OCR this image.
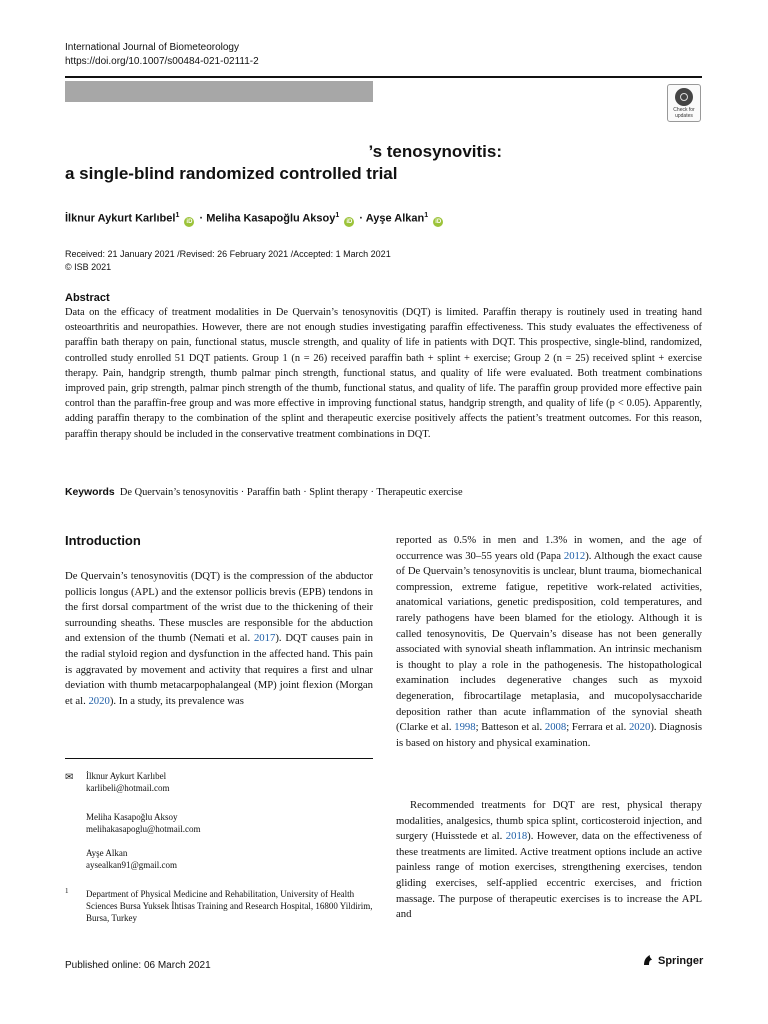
International Journal of Biometeorology
https://doi.org/10.1007/s00484-021-02111-2
Check for updates
’s tenosynovitis:
a single-blind randomized controlled trial
İlknur Aykurt Karlıbel$^1$ iD · Meliha Kasapoğlu Aksoy$^1$ iD · Ayşe Alkan$^1$ iD
Received: 21 January 2021 /Revised: 26 February 2021 /Accepted: 1 March 2021
© ISB 2021
Abstract
Data on the efficacy of treatment modalities in De Quervain’s tenosynovitis (DQT) is limited. Paraffin therapy is routinely used in treating hand osteoarthritis and neuropathies. However, there are not enough studies investigating paraffin effectiveness. This study evaluates the effectiveness of paraffin bath therapy on pain, functional status, muscle strength, and quality of life in patients with DQT. This prospective, single-blind, randomized, controlled study enrolled 51 DQT patients. Group 1 (n = 26) received paraffin bath + splint + exercise; Group 2 (n = 25) received splint + exercise therapy. Pain, handgrip strength, thumb palmar pinch strength, functional status, and quality of life were evaluated. Both treatment combinations improved pain, grip strength, palmar pinch strength of the thumb, functional status, and quality of life. The paraffin group provided more effective pain control than the paraffin-free group and was more effective in improving functional status, handgrip strength, and quality of life (p < 0.05). Apparently, adding paraffin therapy to the combination of the splint and therapeutic exercise positively affects the patient’s treatment outcomes. For this reason, paraffin therapy should be included in the conservative treatment combinations in DQT.
Keywords De Quervain’s tenosynovitis · Paraffin bath · Splint therapy · Therapeutic exercise
Introduction
De Quervain’s tenosynovitis (DQT) is the compression of the abductor pollicis longus (APL) and the extensor pollicis brevis (EPB) tendons in the first dorsal compartment of the wrist due to the thickening of their surrounding sheaths. These muscles are responsible for the abduction and extension of the thumb (Nemati et al. 2017). DQT causes pain in the radial styloid region and dysfunction in the affected hand. This pain is aggravated by movement and activity that requires a first and ulnar deviation with thumb metacarpophalangeal (MP) joint flexion (Morgan et al. 2020). In a study, its prevalence was
reported as 0.5% in men and 1.3% in women, and the age of occurrence was 30–55 years old (Papa 2012). Although the exact cause of De Quervain’s tenosynovitis is unclear, blunt trauma, biomechanical compression, extreme fatigue, repetitive work-related activities, anatomical variations, genetic predisposition, cold temperatures, and rarely pathogens have been blamed for the etiology. Although it is called tenosynovitis, De Quervain’s disease has not been generally associated with synovial sheath inflammation. An intrinsic mechanism is thought to play a role in the pathogenesis. The histopathological examination includes degenerative changes such as myxoid degeneration, fibrocartilage metaplasia, and mucopolysaccharide deposition rather than acute inflammation of the synovial sheath (Clarke et al. 1998; Batteson et al. 2008; Ferrara et al. 2020). Diagnosis is based on history and physical examination.
Recommended treatments for DQT are rest, physical therapy modalities, analgesics, thumb spica splint, corticosteroid injection, and surgery (Huisstede et al. 2018). However, data on the effectiveness of these treatments are limited. Active treatment options include an active painless range of motion exercises, strengthening exercises, tendon gliding exercises, self-applied eccentric exercises, and friction massage. The purpose of therapeutic exercises is to increase the APL and
✉ İlknur Aykurt Karlıbel
karlibeli@hotmail.com
Meliha Kasapoğlu Aksoy
melihakasapoglu@hotmail.com
Ayşe Alkan
aysealkan91@gmail.com
1 Department of Physical Medicine and Rehabilitation, University of Health Sciences Bursa Yuksek İhtisas Training and Research Hospital, 16800 Yildirim, Bursa, Turkey
Published online: 06 March 2021	Springer
